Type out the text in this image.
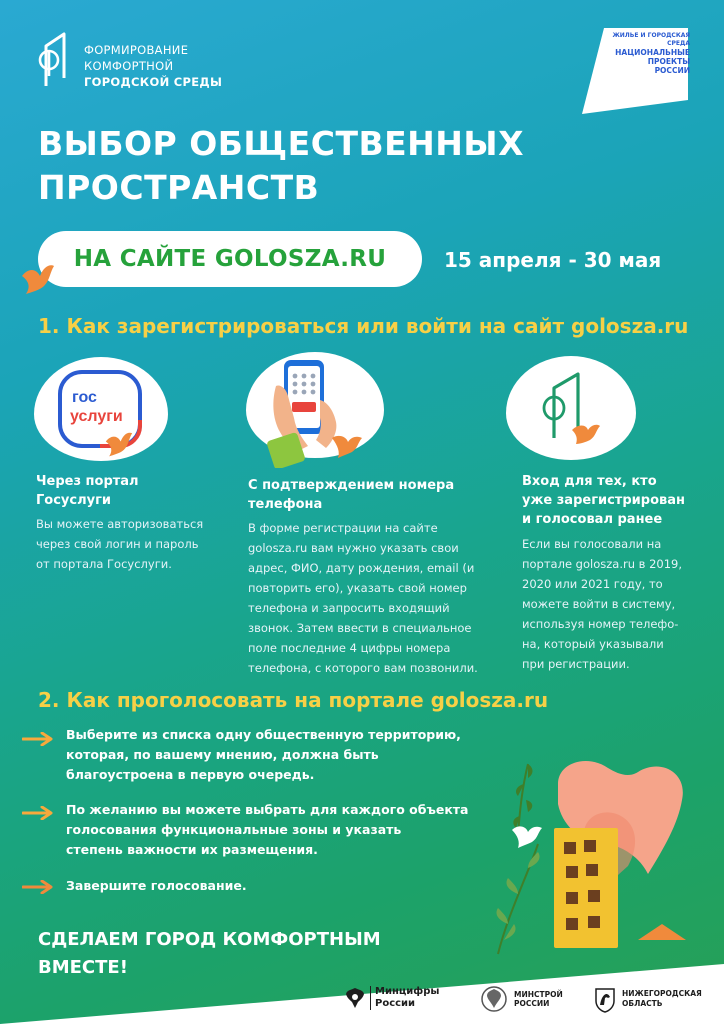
ФОРМИРОВАНИЕ
КОМФОРТНОЙ
ГОРОДСКОЙ СРЕДЫ
ЖИЛЬЕ И ГОРОДСКАЯ СРЕДА
НАЦИОНАЛЬНЫЕ ПРОЕКТЫ РОССИИ
ВЫБОР ОБЩЕСТВЕННЫХ
ПРОСТРАНСТВ
НА САЙТЕ GOLOSZA.RU	15 апреля - 30 мая
1. Как зарегистрироваться или войти на сайт golosza.ru
гос
услуги
Через портал
Госуслуги
Вы можете авторизоваться
через свой логин и пароль
от портала Госуслуги.
С подтверждением номера
телефона
В форме регистрации на сайте
golosza.ru вам нужно указать свои
адрес, ФИО, дату рождения, email (и
повторить его), указать свой номер
телефона и запросить входящий
звонок. Затем ввести в специальное
поле последние 4 цифры номера
телефона, с которого вам позвонили.
Вход для тех, кто
уже зарегистрирован
и голосовал ранее
Если вы голосовали на
портале golosza.ru в 2019,
2020 или 2021 году, то
можете войти в систему,
используя номер телефо-
на, который указывали
при регистрации.
2. Как проголосовать на портале golosza.ru
Выберите из списка одну общественную территорию,
которая, по вашему мнению, должна быть
благоустроена в первую очередь.
По желанию вы можете выбрать для каждого объекта
голосования функциональные зоны и указать
степень важности их размещения.
Завершите голосование.
СДЕЛАЕМ ГОРОД КОМФОРТНЫМ
ВМЕСТЕ!
Минцифры
России
МИНСТРОЙ
РОССИИ
НИЖЕГОРОДСКАЯ
ОБЛАСТЬ
